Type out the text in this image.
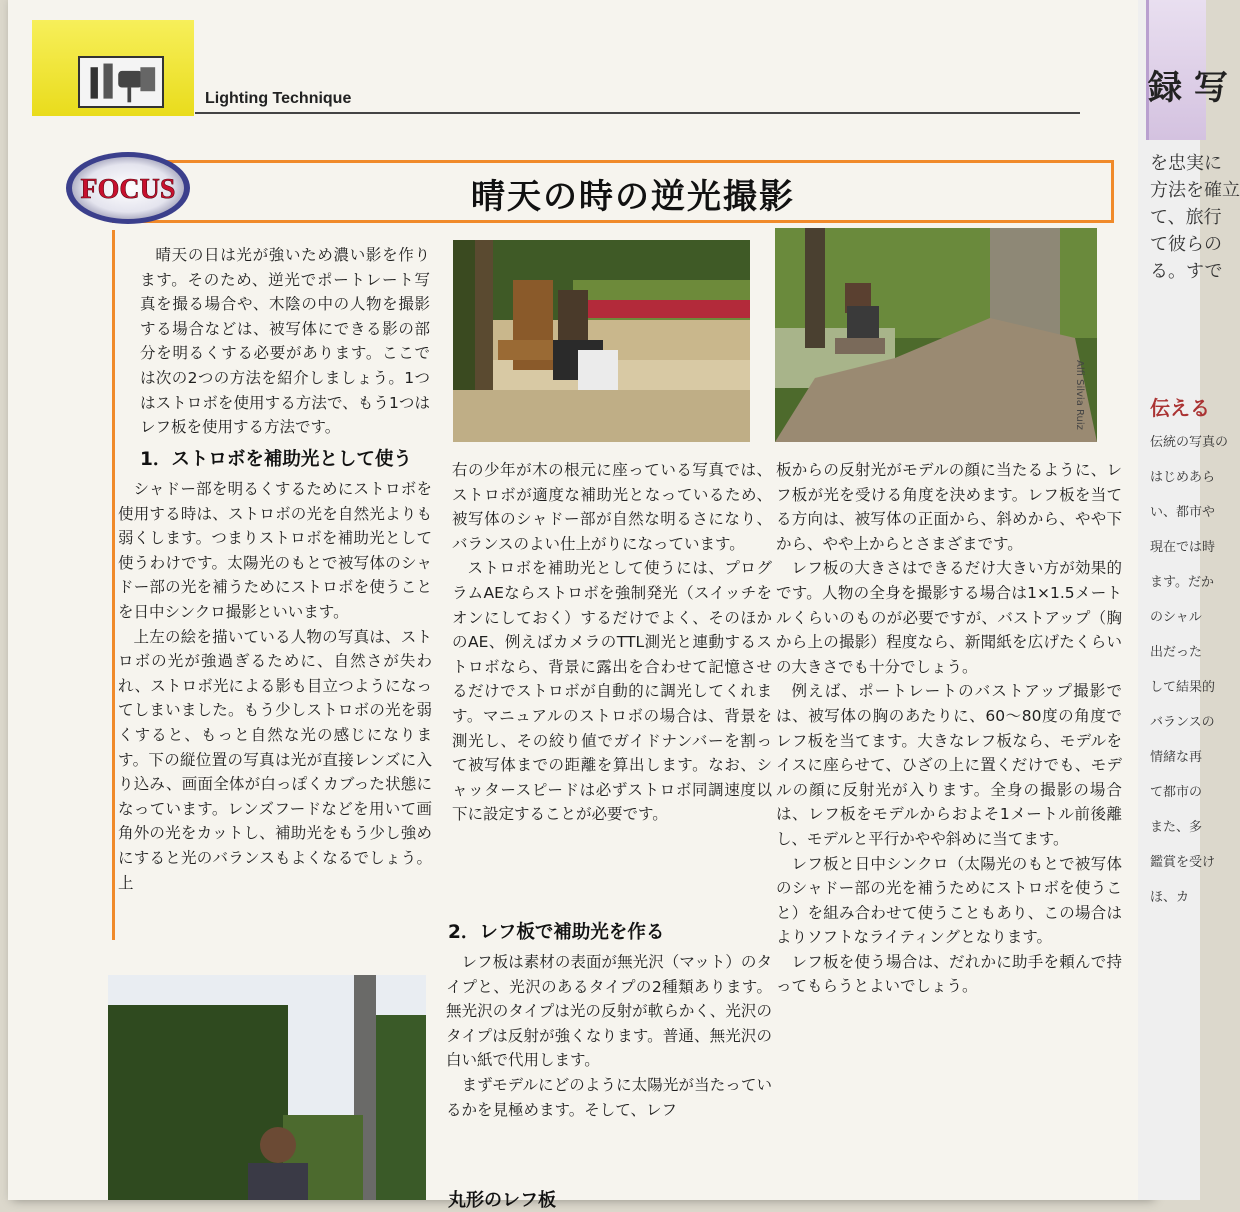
録 写
を忠実に
方法を確立
て、旅行
て彼らの
る。すで
伝える
伝統の写真の
はじめあら
い、都市や
現在では時
ます。だか
のシャル
出だった
して結果的
バランスの
情緒な再
て都市の
また、多
鑑賞を受け
ほ、カ
Lighting Technique
晴天の時の逆光撮影
FOCUS

晴天の日は光が強いため濃い影を作ります。そのため、逆光でポートレート写真を撮る場合や、木陰の中の人物を撮影する場合などは、被写体にできる影の部分を明るくする必要があります。ここでは次の2つの方法を紹介しましょう。1つはストロボを使用する方法で、もう1つはレフ板を使用する方法です。

1．ストロボを補助光として使う

シャドー部を明るくするためにストロボを使用する時は、ストロボの光を自然光よりも弱くします。つまりストロボを補助光として使うわけです。太陽光のもとで被写体のシャドー部の光を補うためにストロボを使うことを日中シンクロ撮影といいます。

上左の絵を描いている人物の写真は、ストロボの光が強過ぎるために、自然さが失われ、ストロボ光による影も目立つようになってしまいました。もう少しストロボの光を弱くすると、もっと自然な光の感じになります。下の縦位置の写真は光が直接レンズに入り込み、画面全体が白っぽくカブった状態になっています。レンズフードなどを用いて画角外の光をカットし、補助光をもう少し強めにすると光のバランスもよくなるでしょう。上

右の少年が木の根元に座っている写真では、ストロボが適度な補助光となっているため、被写体のシャドー部が自然な明るさになり、バランスのよい仕上がりになっています。

ストロボを補助光として使うには、プログラムAEならストロボを強制発光（スイッチをオンにしておく）するだけでよく、そのほかのAE、例えばカメラのTTL測光と連動するストロボなら、背景に露出を合わせて記憶させるだけでストロボが自動的に調光してくれます。マニュアルのストロボの場合は、背景を測光し、その絞り値でガイドナンバーを割って被写体までの距離を算出します。なお、シャッタースピードは必ずストロボ同調速度以下に設定することが必要です。

2．レフ板で補助光を作る

レフ板は素材の表面が無光沢（マット）のタイプと、光沢のあるタイプの2種類あります。無光沢のタイプは光の反射が軟らかく、光沢のタイプは反射が強くなります。普通、無光沢の白い紙で代用します。

まずモデルにどのように太陽光が当たっているかを見極めます。そして、レフ

板からの反射光がモデルの顔に当たるように、レフ板が光を受ける角度を決めます。レフ板を当てる方向は、被写体の正面から、斜めから、やや下から、やや上からとさまざまです。

レフ板の大きさはできるだけ大きい方が効果的です。人物の全身を撮影する場合は1×1.5メートルくらいのものが必要ですが、バストアップ（胸から上の撮影）程度なら、新聞紙を広げたくらいの大きさでも十分でしょう。

例えば、ポートレートのバストアップ撮影では、被写体の胸のあたりに、60〜80度の角度でレフ板を当てます。大きなレフ板なら、モデルをイスに座らせて、ひざの上に置くだけでも、モデルの顔に反射光が入ります。全身の撮影の場合は、レフ板をモデルからおよそ1メートル前後離し、モデルと平行かやや斜めに当てます。

レフ板と日中シンクロ（太陽光のもとで被写体のシャドー部の光を補うためにストロボを使うこと）を組み合わせて使うこともあり、この場合はよりソフトなライティングとなります。

レフ板を使う場合は、だれかに助手を頼んで持ってもらうとよいでしょう。

丸形のレフ板
Alfi Silvia Ruiz
